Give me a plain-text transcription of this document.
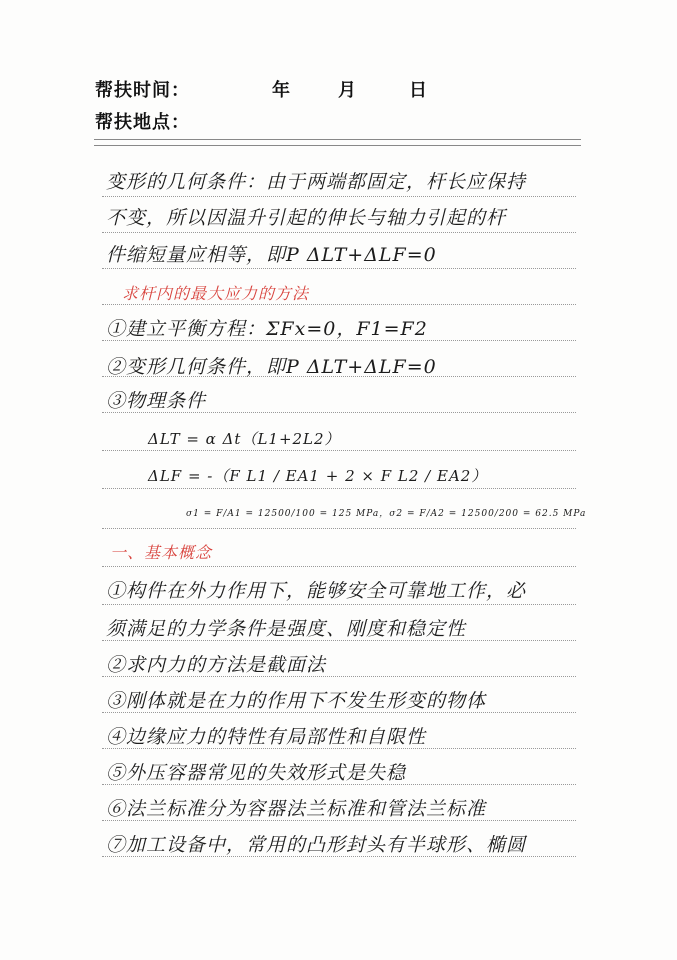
帮扶时间：	年	月	日
帮扶地点：
变形的几何条件：由于两端都固定，杆长应保持
不变，所以因温升引起的伸长与轴力引起的杆
件缩短量应相等，即P ΔLT+ΔLF=0
求杆内的最大应力的方法
①建立平衡方程：ΣFx=0，F1=F2
②变形几何条件，即P ΔLT+ΔLF=0
③物理条件
ΔLT = α Δt（L1+2L2）
ΔLF = -（F L1 / EA1 + 2 × F L2 / EA2）
σ1 = F/A1 = 12500/100 = 125 MPa，σ2 = F/A2 = 12500/200 = 62.5 MPa
一、基本概念
①构件在外力作用下，能够安全可靠地工作，必
须满足的力学条件是强度、刚度和稳定性
②求内力的方法是截面法
③刚体就是在力的作用下不发生形变的物体
④边缘应力的特性有局部性和自限性
⑤外压容器常见的失效形式是失稳
⑥法兰标准分为容器法兰标准和管法兰标准
⑦加工设备中，常用的凸形封头有半球形、椭圆
